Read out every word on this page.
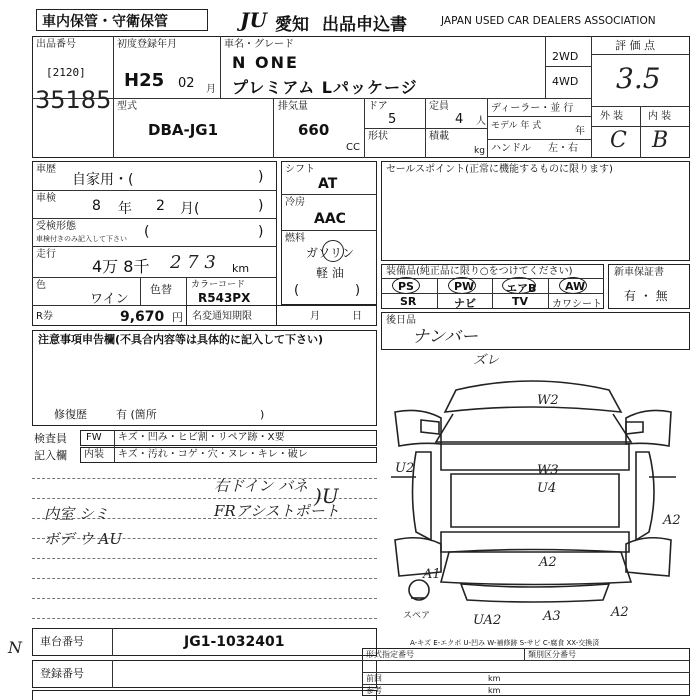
車内保管・守衛保管	JU 愛知 出品申込書	JAPAN USED CAR DEALERS ASSOCIATION
出品番号
[2120]
35185
初度登録年月
H25 02 月
車名・グレード
N ONE
プレミアム Lパッケージ
2WD
4WD
評 価 点
3.5
外 装 内 装
C B
型式
DBA-JG1
排気量
660
CC
ドア
5
定員
4 人
形状	積載
kg
ディーラー・並 行
モデル 年 式	年
ハンドル 左・右
車歴
自家用・(	)
車検	8 年 2 月(	)
受検形態
車検付きのみ記入して下さい (	)
走行
4万 8千 2 7 3 km
色
ワイン
色替 カラーコード
R543PX
R券	9,670 円 名変通知期限	月	日
シフト
AT
冷房
AAC
燃料
ガソリン
軽 油
(	)
セールスポイント(正常に機能するものに限ります)
装備品(純正品に限り○をつけてください)
PS	PW	エアB	AW
SR	ナビ	TV カワシート
新車保証書
有 ・ 無
後日品
ナンバー
注意事項申告欄(不具合内容等は具体的に記入して下さい)
修復歴	有 (箇所	)
検査員
記入欄
FW キズ・凹み・ヒビ割・リペア跡・X要
内装 キズ・汚れ・コゲ・穴・ヌレ・キレ・破レ
右ドイン バネ
FRアシストポート
)U
内室 シミ
ボデ ウ AU
ズレ
W2
U2	W3
U4
A2
A1
A2
UA2	A3	A2
スペア
A-キズ E-エクボ U-凹み W-補修跡 S-サビ C-腐食 XX-交換済
N 車台番号	JG1-1032401
登録番号
形式指定番号	類別区分番号
前回	km
参考	km
